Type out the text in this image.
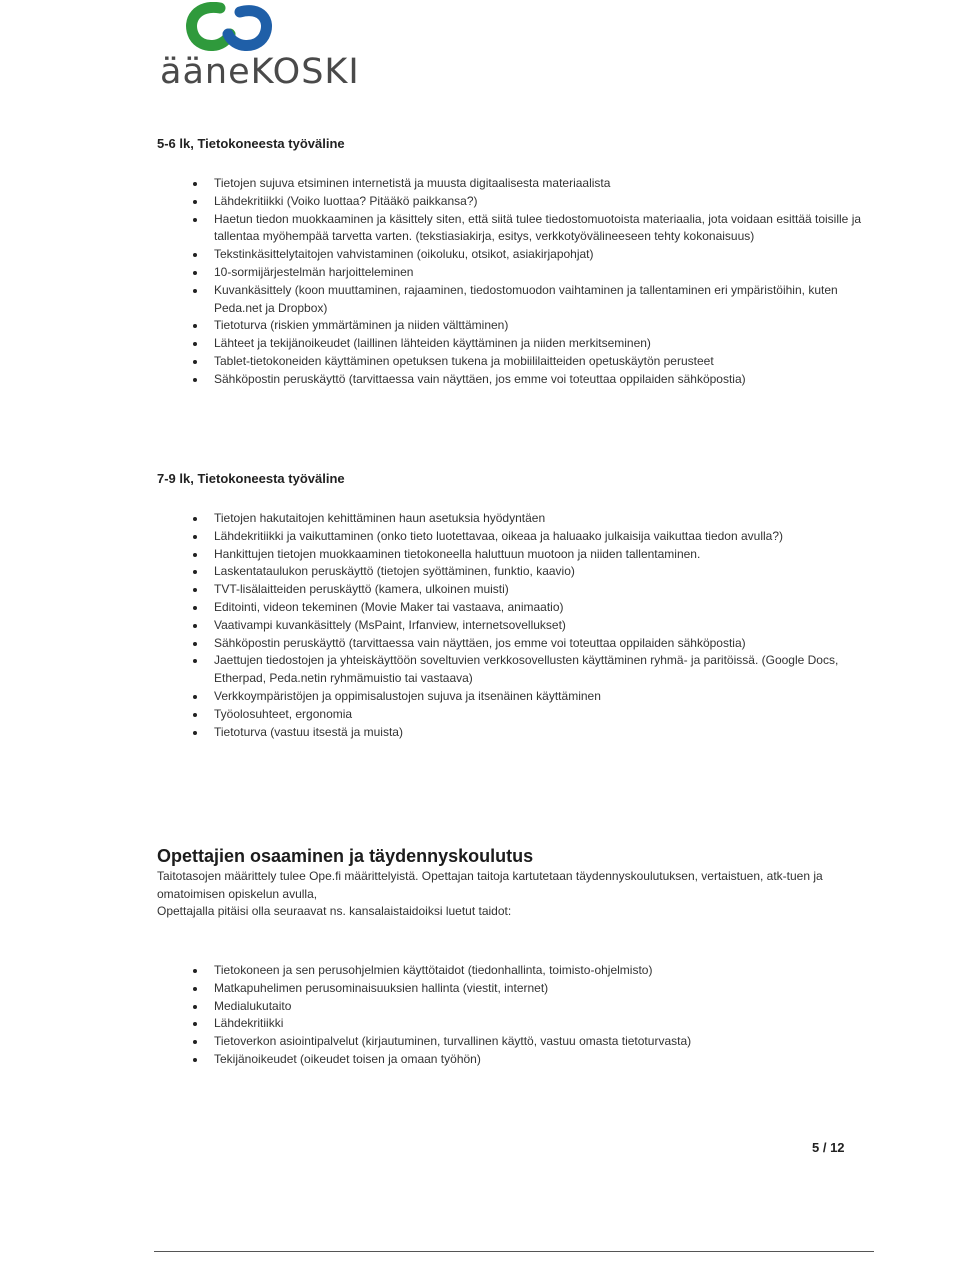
ääneKOSKI
5-6 lk, Tietokoneesta työväline
Tietojen sujuva etsiminen internetistä ja muusta digitaalisesta materiaalista
Lähdekritiikki (Voiko luottaa? Pitääkö paikkansa?)
Haetun tiedon muokkaaminen ja käsittely siten, että siitä tulee tiedostomuotoista materiaalia, jota voidaan esittää toisille ja tallentaa myöhempää tarvetta varten. (tekstiasiakirja, esitys, verkkotyövälineeseen tehty kokonaisuus)
Tekstinkäsittelytaitojen vahvistaminen (oikoluku, otsikot, asiakirjapohjat)
10-sormijärjestelmän harjoitteleminen
Kuvankäsittely (koon muuttaminen, rajaaminen, tiedostomuodon vaihtaminen ja tallentaminen eri ympäristöihin, kuten Peda.net ja Dropbox)
Tietoturva (riskien ymmärtäminen ja niiden välttäminen)
Lähteet ja tekijänoikeudet (laillinen lähteiden käyttäminen ja niiden merkitseminen)
Tablet-tietokoneiden käyttäminen opetuksen tukena ja mobiililaitteiden opetuskäytön perusteet
Sähköpostin peruskäyttö (tarvittaessa vain näyttäen, jos emme voi toteuttaa oppilaiden sähköpostia)
7-9 lk, Tietokoneesta työväline
Tietojen hakutaitojen kehittäminen haun asetuksia hyödyntäen
Lähdekritiikki ja vaikuttaminen (onko tieto luotettavaa, oikeaa ja haluaako julkaisija vaikuttaa tiedon avulla?)
Hankittujen tietojen muokkaaminen tietokoneella haluttuun muotoon ja niiden tallentaminen.
Laskentataulukon peruskäyttö (tietojen syöttäminen, funktio, kaavio)
TVT-lisälaitteiden peruskäyttö (kamera, ulkoinen muisti)
Editointi, videon tekeminen (Movie Maker tai vastaava, animaatio)
Vaativampi kuvankäsittely (MsPaint, Irfanview, internetsovellukset)
Sähköpostin peruskäyttö (tarvittaessa vain näyttäen, jos emme voi toteuttaa oppilaiden sähköpostia)
Jaettujen tiedostojen ja yhteiskäyttöön soveltuvien verkkosovellusten käyttäminen ryhmä- ja paritöissä. (Google Docs, Etherpad, Peda.netin ryhmämuistio tai vastaava)
Verkkoympäristöjen ja oppimisalustojen sujuva ja itsenäinen käyttäminen
Työolosuhteet, ergonomia
Tietoturva (vastuu itsestä ja muista)
Opettajien osaaminen ja täydennyskoulutus

Taitotasojen määrittely tulee Ope.fi määrittelyistä. Opettajan taitoja kartutetaan täydennyskoulutuksen, vertaistuen, atk-tuen ja omatoimisen opiskelun avulla,

Opettajalla pitäisi olla seuraavat ns. kansalaistaidoiksi luetut taidot:

Tietokoneen ja sen perusohjelmien käyttötaidot (tiedonhallinta, toimisto-ohjelmisto)
Matkapuhelimen perusominaisuuksien hallinta (viestit, internet)
Medialukutaito
Lähdekritiikki
Tietoverkon asiointipalvelut (kirjautuminen, turvallinen käyttö, vastuu omasta tietoturvasta)
Tekijänoikeudet (oikeudet toisen ja omaan työhön)
5 / 12
